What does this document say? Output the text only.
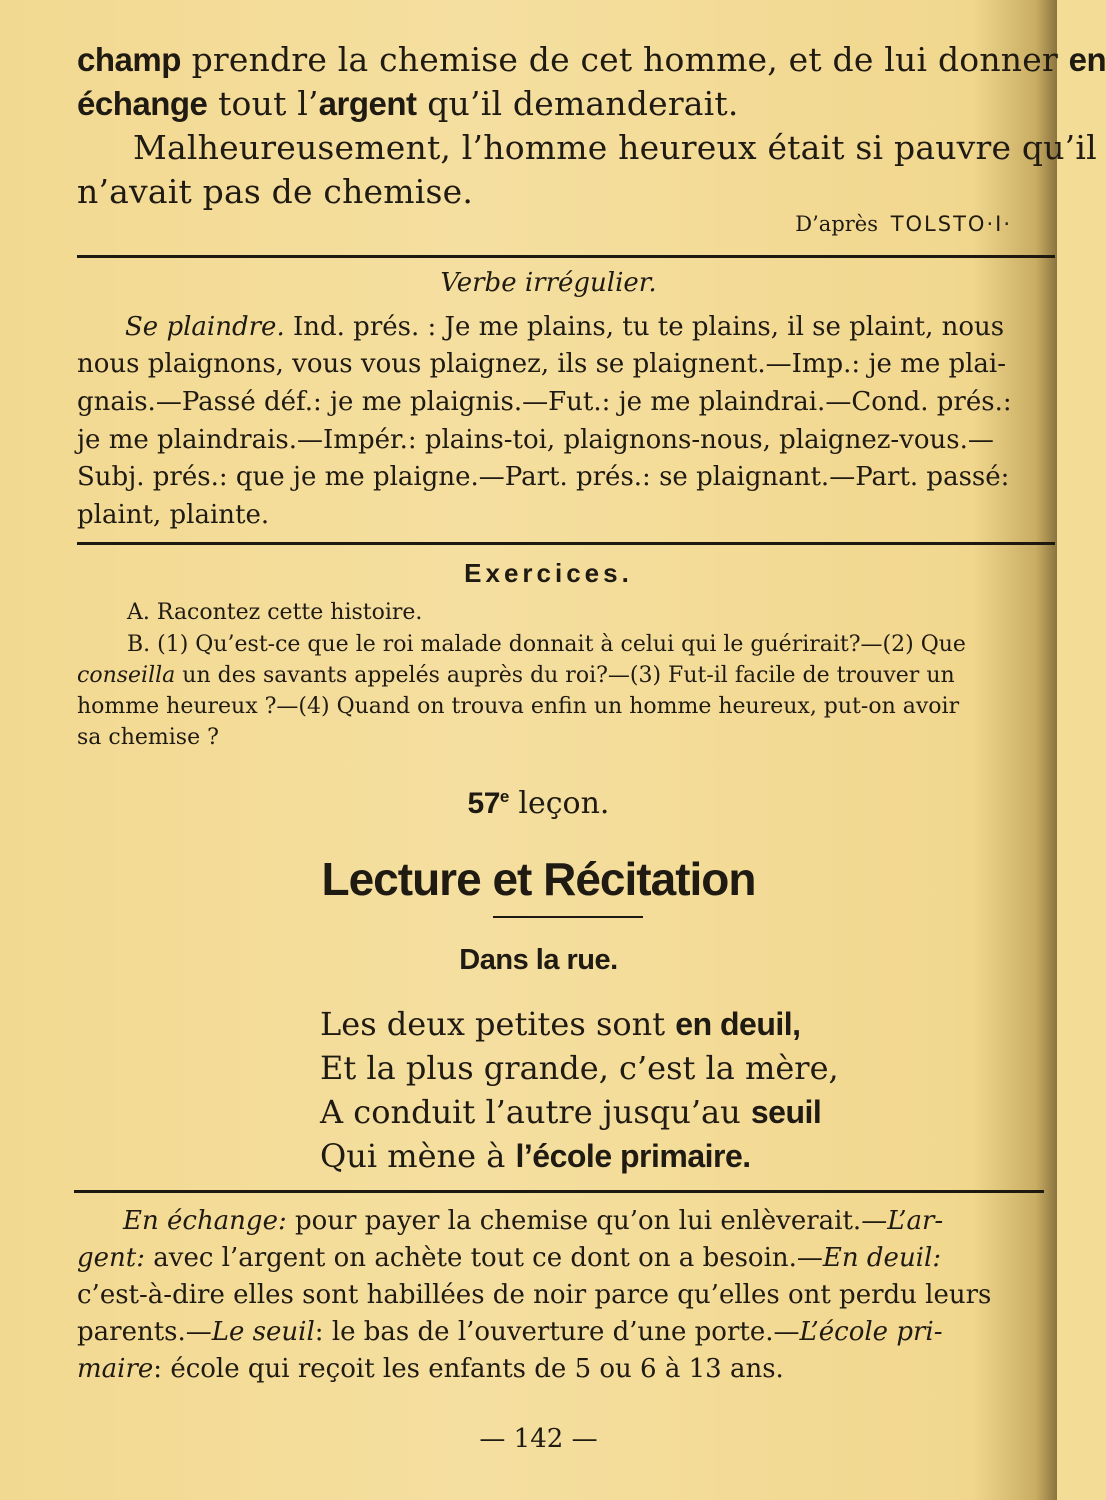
champ prendre la chemise de cet homme, et de lui donner en
échange tout l’argent qu’il demanderait.
Malheureusement, l’homme heureux était si pauvre qu’il
n’avait pas de chemise.
D’après TOLSTO·I·
Verbe irrégulier.
Se plaindre. Ind. prés. : Je me plains, tu te plains, il se plaint, nous
nous plaignons, vous vous plaignez, ils se plaignent.—Imp.: je me plai-
gnais.—Passé déf.: je me plaignis.—Fut.: je me plaindrai.—Cond. prés.:
je me plaindrais.—Impér.: plains-toi, plaignons-nous, plaignez-vous.—
Subj. prés.: que je me plaigne.—Part. prés.: se plaignant.—Part. passé:
plaint, plainte.
Exercices.
A. Racontez cette histoire.
B. (1) Qu’est-ce que le roi malade donnait à celui qui le guérirait?—(2) Que
conseilla un des savants appelés auprès du roi?—(3) Fut-il facile de trouver un
homme heureux ?—(4) Quand on trouva enfin un homme heureux, put-on avoir
sa chemise ?
57e leçon.
Lecture et Récitation
Dans la rue.
Les deux petites sont en deuil,
Et la plus grande, c’est la mère,
A conduit l’autre jusqu’au seuil
Qui mène à l’école primaire.
En échange: pour payer la chemise qu’on lui enlèverait.—L’ar-
gent: avec l’argent on achète tout ce dont on a besoin.—En deuil:
c’est-à-dire elles sont habillées de noir parce qu’elles ont perdu leurs
parents.—Le seuil: le bas de l’ouverture d’une porte.—L’école pri-
maire: école qui reçoit les enfants de 5 ou 6 à 13 ans.
— 142 —
